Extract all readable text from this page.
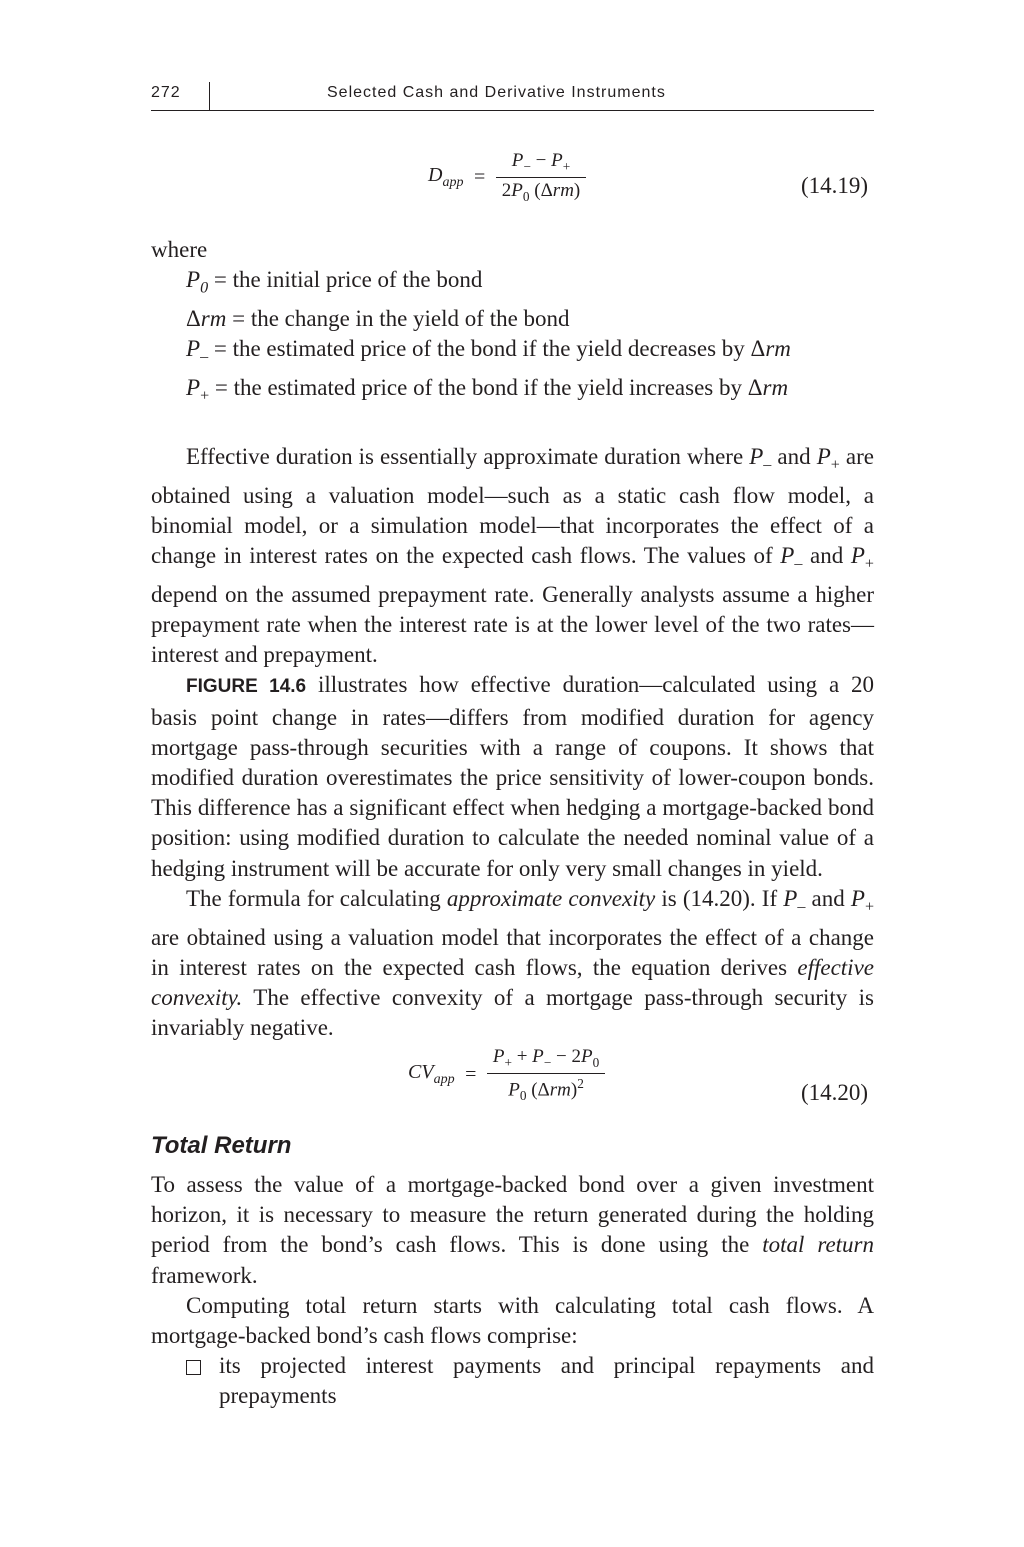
272	Selected Cash and Derivative Instruments
$D_{app} = \frac{P_- - P_+}{2P_0 (\Delta rm)}$	(14.19)

where

$P_0$ = the initial price of the bond

Δrm = the change in the yield of the bond

$P_-$ = the estimated price of the bond if the yield decreases by Δrm

$P_+$ = the estimated price of the bond if the yield increases by Δrm

Effective duration is essentially approximate duration where $P_-$ and $P_+$ are obtained using a valuation model—such as a static cash flow model, a binomial model, or a simulation model—that incorporates the effect of a change in interest rates on the expected cash flows. The values of $P_-$ and $P_+$ depend on the assumed prepayment rate. Generally analysts assume a higher prepayment rate when the interest rate is at the lower level of the two rates—interest and prepayment.

FIGURE 14.6 illustrates how effective duration—calculated using a 20 basis point change in rates—differs from modified duration for agency mortgage pass-through securities with a range of coupons. It shows that modified duration overestimates the price sensitivity of lower-coupon bonds. This difference has a significant effect when hedging a mortgage-backed bond position: using modified duration to calculate the needed nominal value of a hedging instrument will be accurate for only very small changes in yield.

The formula for calculating approximate convexity is (14.20). If $P_-$ and $P_+$ are obtained using a valuation model that incorporates the effect of a change in interest rates on the expected cash flows, the equation derives effective convexity. The effective convexity of a mortgage pass-through security is invariably negative.

$CV_{app} = \frac{P_+ + P_- - 2P_0}{P_0 (\Delta rm)^2}$	(14.20)
Total Return

To assess the value of a mortgage-backed bond over a given investment horizon, it is necessary to measure the return generated during the holding period from the bond’s cash flows. This is done using the total return framework.

Computing total return starts with calculating total cash flows. A mortgage-backed bond’s cash flows comprise:

its projected interest payments and principal repayments and prepayments
